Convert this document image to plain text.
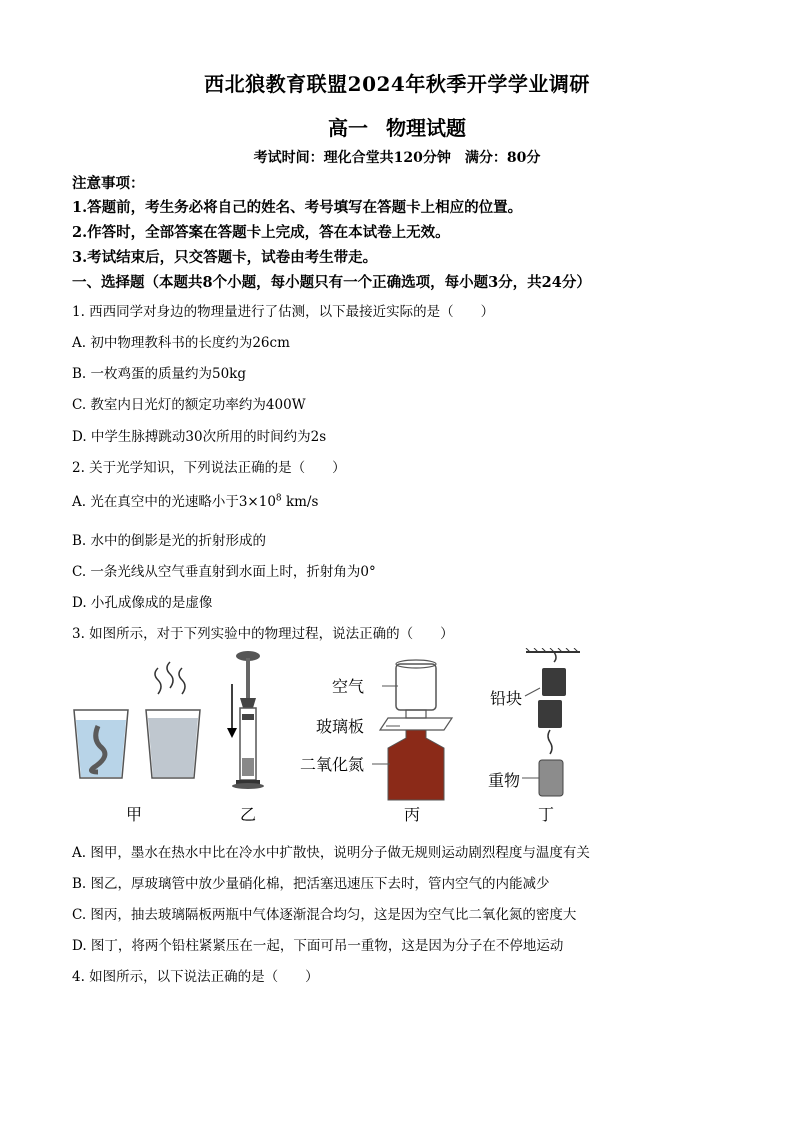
西北狼教育联盟2024年秋季开学学业调研
高一 物理试题
考试时间：理化合堂共120分钟　满分：80分
注意事项：
1.答题前，考生务必将自己的姓名、考号填写在答题卡上相应的位置。
2.作答时，全部答案在答题卡上完成，答在本试卷上无效。
3.考试结束后，只交答题卡，试卷由考生带走。
一、选择题（本题共8个小题，每小题只有一个正确选项，每小题3分，共24分）
1. 西西同学对身边的物理量进行了估测，以下最接近实际的是（　　）
A. 初中物理教科书的长度约为26cm
B. 一枚鸡蛋的质量约为50kg
C. 教室内日光灯的额定功率约为400W
D. 中学生脉搏跳动30次所用的时间约为2s
2. 关于光学知识，下列说法正确的是（　　）
A. 光在真空中的光速略小于$3\times 10^8$ km/s
B. 水中的倒影是光的折射形成的
C. 一条光线从空气垂直射到水面上时，折射角为0°
D. 小孔成像成的是虚像
3. 如图所示，对于下列实验中的物理过程，说法正确的（　　）
空气
玻璃板
二氧化氮
铅块
重物
甲	乙	丙	丁
A. 图甲，墨水在热水中比在冷水中扩散快，说明分子做无规则运动剧烈程度与温度有关
B. 图乙，厚玻璃管中放少量硝化棉，把活塞迅速压下去时，管内空气的内能减少
C. 图丙，抽去玻璃隔板两瓶中气体逐渐混合均匀，这是因为空气比二氧化氮的密度大
D. 图丁，将两个铅柱紧紧压在一起，下面可吊一重物，这是因为分子在不停地运动
4. 如图所示，以下说法正确的是（　　）
